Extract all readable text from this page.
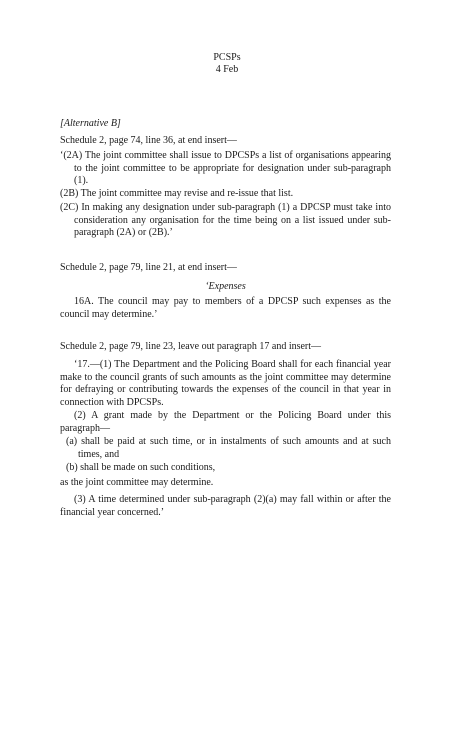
PCSPs
4 Feb

[Alternative B]

Schedule 2, page 74, line 36, at end insert—

‘(2A) The joint committee shall issue to DPCSPs a list of organisations appearing to the joint committee to be appropriate for designation under sub-paragraph (1).

(2B) The joint committee may revise and re-issue that list.

(2C) In making any designation under sub-paragraph (1) a DPCSP must take into consideration any organisation for the time being on a list issued under sub-paragraph (2A) or (2B).’

Schedule 2, page 79, line 21, at end insert—

‘Expenses

16A. The council may pay to members of a DPCSP such expenses as the council may determine.’

Schedule 2, page 79, line 23, leave out paragraph 17 and insert—

‘17.—(1) The Department and the Policing Board shall for each financial year make to the council grants of such amounts as the joint committee may determine for defraying or contributing towards the expenses of the council in that year in connection with DPCSPs.

(2) A grant made by the Department or the Policing Board under this paragraph—

(a) shall be paid at such time, or in instalments of such amounts and at such times, and

(b) shall be made on such conditions,

as the joint committee may determine.

(3) A time determined under sub-paragraph (2)(a) may fall within or after the financial year concerned.’
